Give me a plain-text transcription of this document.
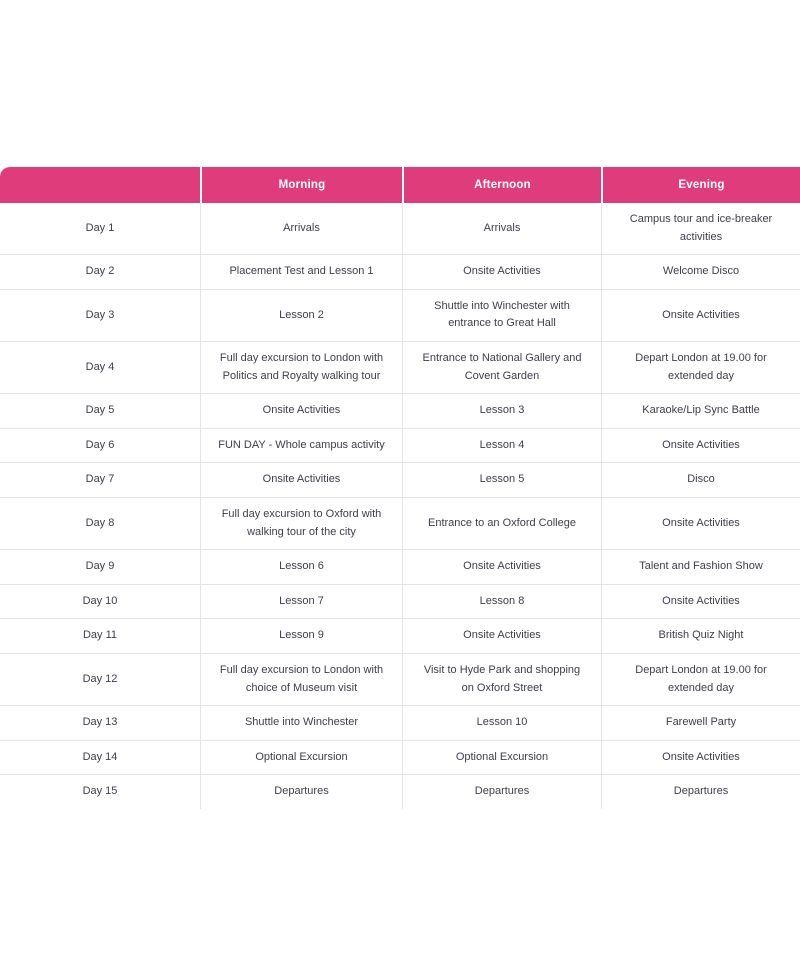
	Morning	Afternoon	Evening
Day 1	Arrivals	Arrivals	Campus tour and ice-breaker activities
Day 2	Placement Test and Lesson 1	Onsite Activities	Welcome Disco
Day 3	Lesson 2	Shuttle into Winchester with entrance to Great Hall	Onsite Activities
Day 4	Full day excursion to London with Politics and Royalty walking tour	Entrance to National Gallery and Covent Garden	Depart London at 19.00 for extended day
Day 5	Onsite Activities	Lesson 3	Karaoke/Lip Sync Battle
Day 6	FUN DAY - Whole campus activity	Lesson 4	Onsite Activities
Day 7	Onsite Activities	Lesson 5	Disco
Day 8	Full day excursion to Oxford with walking tour of the city	Entrance to an Oxford College	Onsite Activities
Day 9	Lesson 6	Onsite Activities	Talent and Fashion Show
Day 10	Lesson 7	Lesson 8	Onsite Activities
Day 11	Lesson 9	Onsite Activities	British Quiz Night
Day 12	Full day excursion to London with choice of Museum visit	Visit to Hyde Park and shopping on Oxford Street	Depart London at 19.00 for extended day
Day 13	Shuttle into Winchester	Lesson 10	Farewell Party
Day 14	Optional Excursion	Optional Excursion	Onsite Activities
Day 15	Departures	Departures	Departures
